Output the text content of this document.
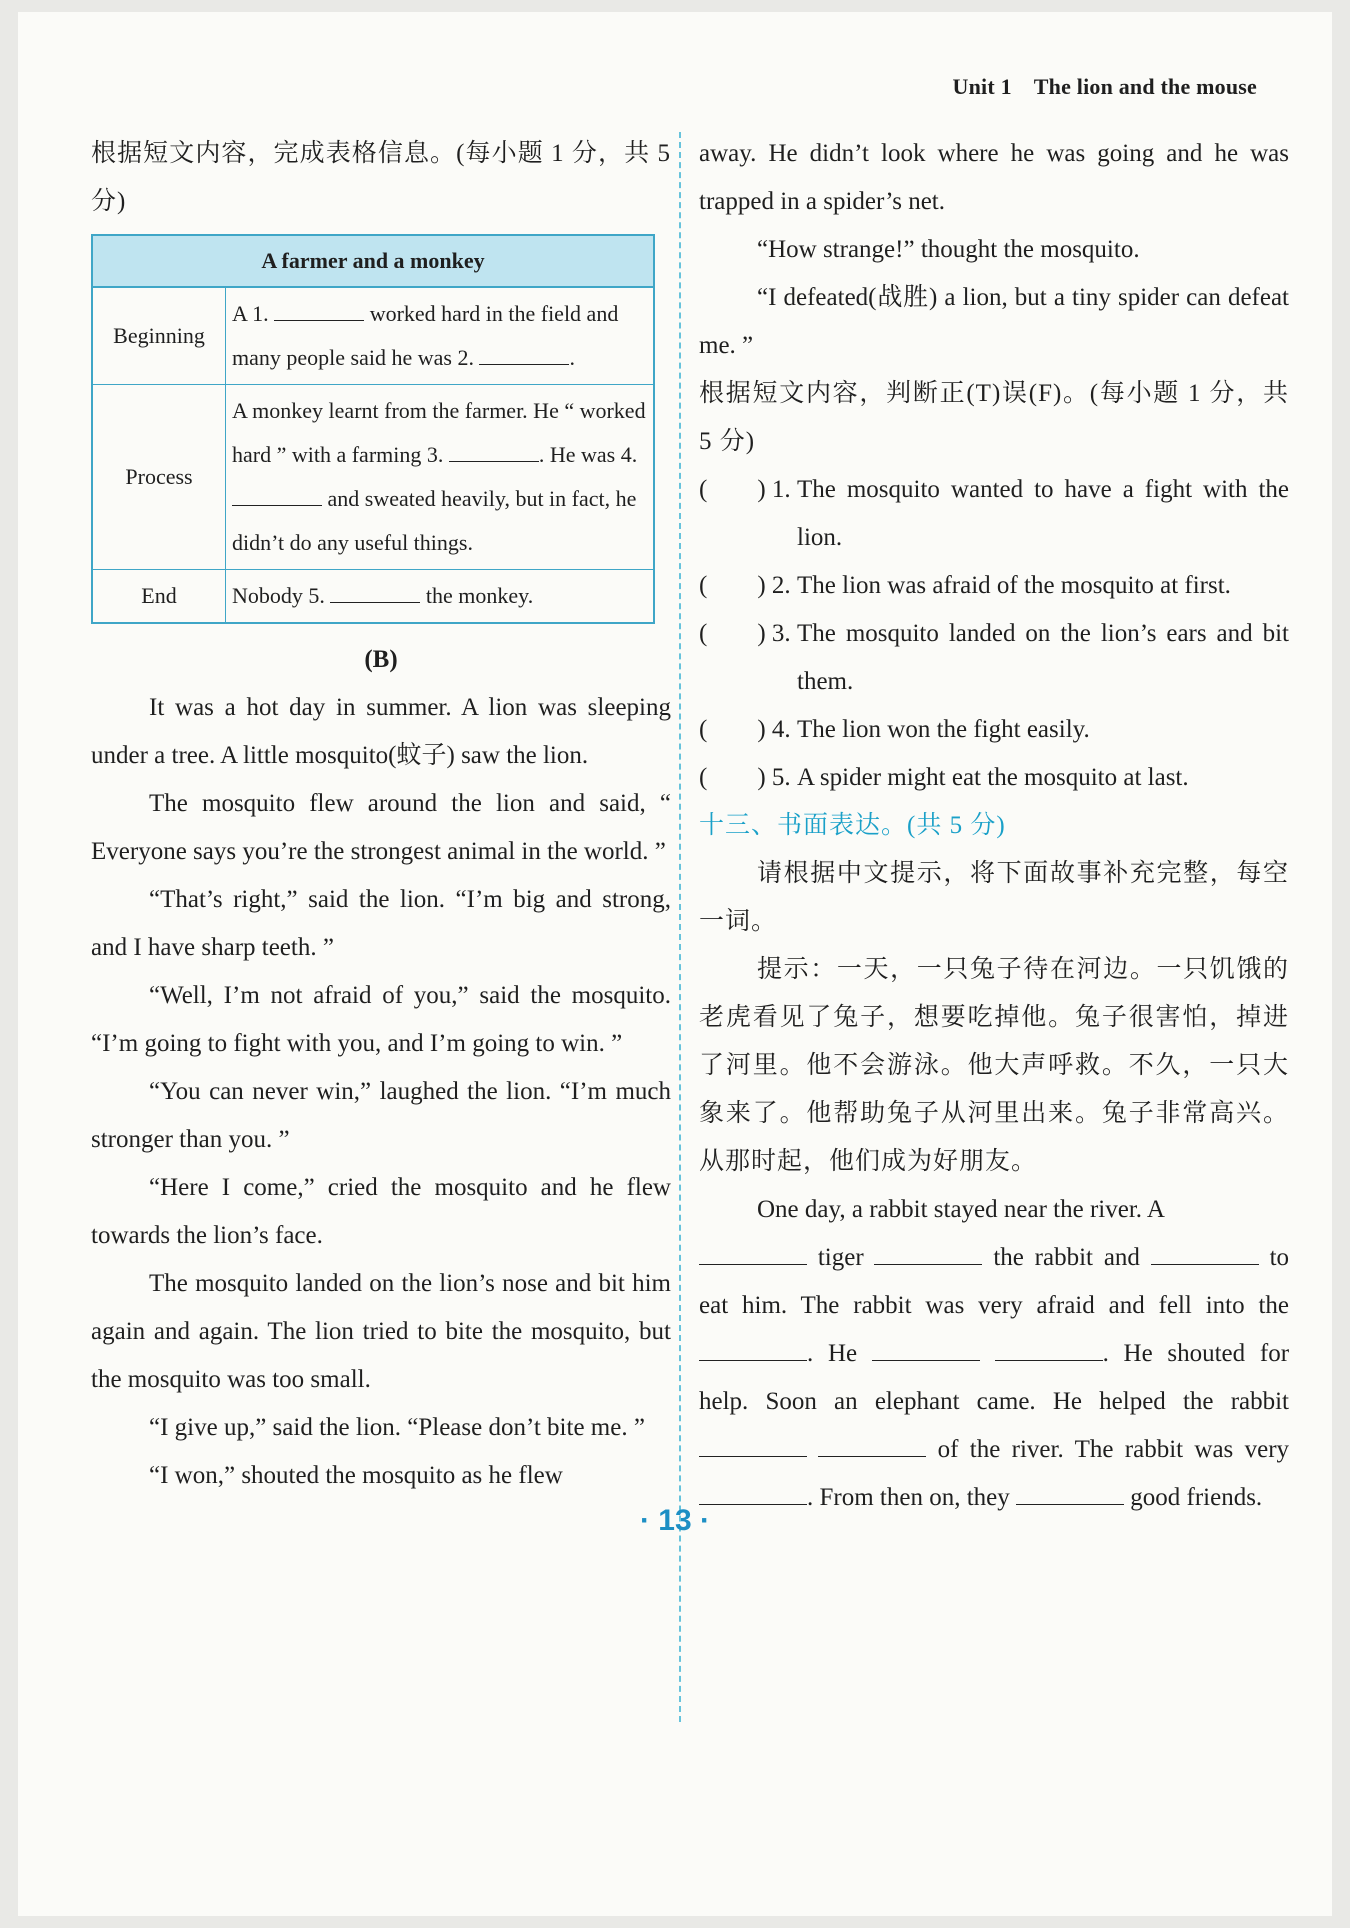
Unit 1 The lion and the mouse

根据短文内容，完成表格信息。(每小题 1 分，共 5 分)

A farmer and a monkey	
Beginning	A 1. worked hard in the field and many people said he was 2. .
Process	A monkey learnt from the farmer. He “ worked hard ” with a farming 3. . He was 4.  and sweated heavily, but in fact, he didn’t do any useful things.
End	Nobody 5. the monkey.

(B)

It was a hot day in summer. A lion was sleeping under a tree. A little mosquito(蚊子) saw the lion.

The mosquito flew around the lion and said, “ Everyone says you’re the strongest animal in the world. ”

“That’s right,” said the lion. “I’m big and strong, and I have sharp teeth. ”

“Well, I’m not afraid of you,” said the mosquito. “I’m going to fight with you, and I’m going to win. ”

“You can never win,” laughed the lion. “I’m much stronger than you. ”

“Here I come,” cried the mosquito and he flew towards the lion’s face.

The mosquito landed on the lion’s nose and bit him again and again. The lion tried to bite the mosquito, but the mosquito was too small.

“I give up,” said the lion. “Please don’t bite me. ”

“I won,” shouted the mosquito as he flew

away. He didn’t look where he was going and he was trapped in a spider’s net.

“How strange!” thought the mosquito.

“I defeated(战胜) a lion, but a tiny spider can defeat me. ”

根据短文内容，判断正(T)误(F)。(每小题 1 分，共 5 分)

(　　) 1. The mosquito wanted to have a fight with the lion.

(　　) 2. The lion was afraid of the mosquito at first.

(　　) 3. The mosquito landed on the lion’s ears and bit them.

(　　) 4. The lion won the fight easily.

(　　) 5. A spider might eat the mosquito at last.

十三、书面表达。(共 5 分)

请根据中文提示，将下面故事补充完整，每空一词。

提示：一天，一只兔子待在河边。一只饥饿的老虎看见了兔子，想要吃掉他。兔子很害怕，掉进了河里。他不会游泳。他大声呼救。不久，一只大象来了。他帮助兔子从河里出来。兔子非常高兴。从那时起，他们成为好朋友。

One day, a rabbit stayed near the river. A

tiger	the rabbit and	to eat him. The rabbit was very afraid and fell into the . He	. He shouted for help. Soon an elephant came. He helped the rabbit   of the river. The rabbit was very . From then on, they	good friends.

· 13 ·
